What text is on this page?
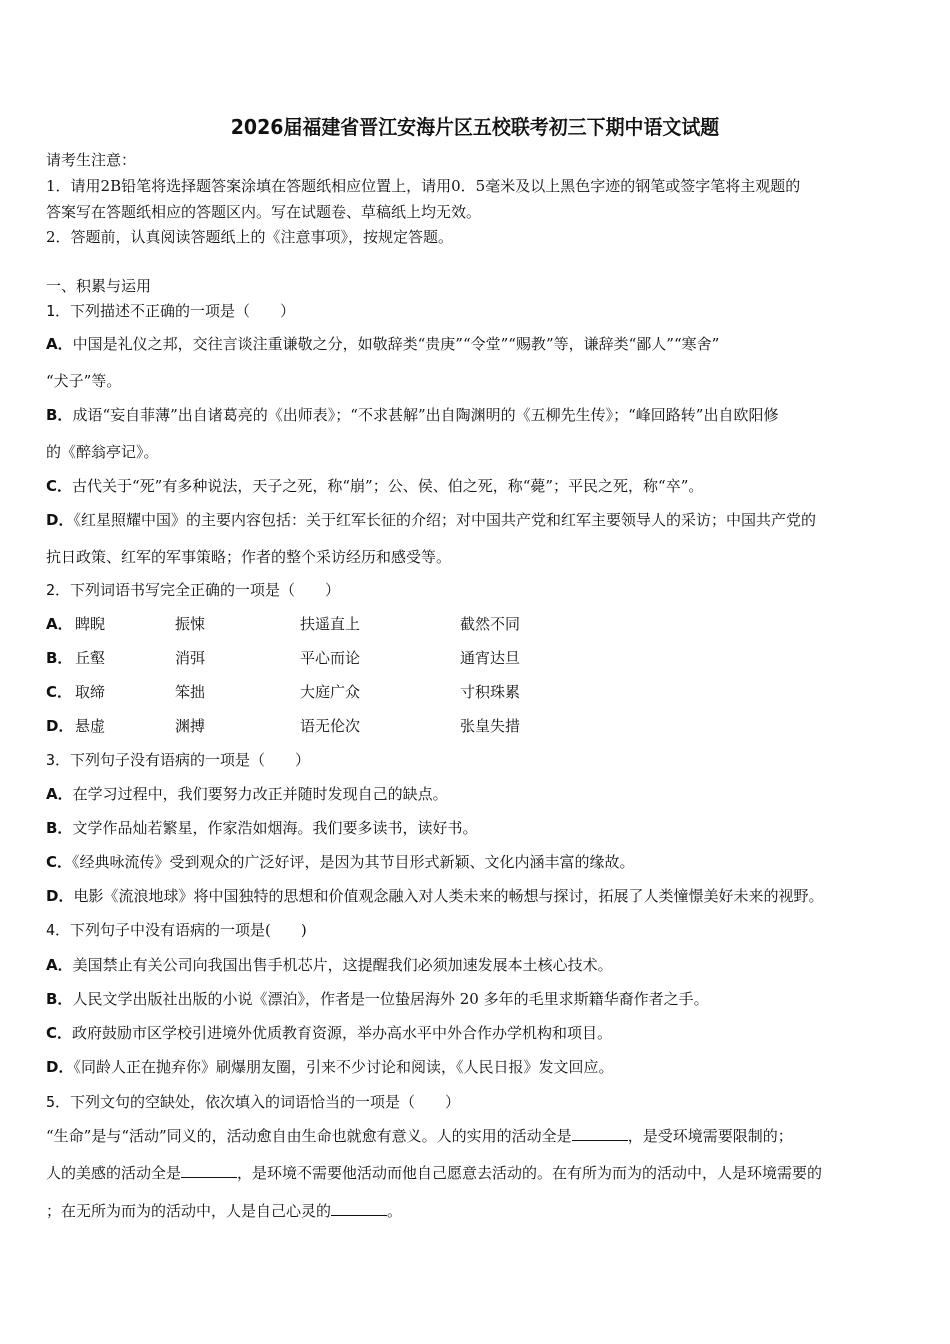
2026届福建省晋江安海片区五校联考初三下期中语文试题
请考生注意：
1．请用2B铅笔将选择题答案涂填在答题纸相应位置上，请用0．5毫米及以上黑色字迹的钢笔或签字笔将主观题的
答案写在答题纸相应的答题区内。写在试题卷、草稿纸上均无效。
2．答题前，认真阅读答题纸上的《注意事项》，按规定答题。
一、积累与运用
1．下列描述不正确的一项是（　　）
A．中国是礼仪之邦，交往言谈注重谦敬之分，如敬辞类“贵庚”“令堂”“赐教”等，谦辞类“鄙人”“寒舍”
“犬子”等。
B．成语“妄自菲薄”出自诸葛亮的《出师表》；“不求甚解”出自陶渊明的《五柳先生传》；“峰回路转”出自欧阳修
的《醉翁亭记》。
C．古代关于“死”有多种说法，天子之死，称“崩”；公、侯、伯之死，称“薨”；平民之死，称“卒”。
D．《红星照耀中国》的主要内容包括：关于红军长征的介绍；对中国共产党和红军主要领导人的采访；中国共产党的
抗日政策、红军的军事策略；作者的整个采访经历和感受等。
2．下列词语书写完全正确的一项是（　　）
A． 睥睨	振悚	扶遥直上	截然不同
B． 丘壑	消弭	平心而论	通宵达旦
C． 取缔	笨拙	大庭广众	寸积珠累
D． 悬虚	渊搏	语无伦次	张皇失措
3．下列句子没有语病的一项是（　　）
A．在学习过程中，我们要努力改正并随时发现自己的缺点。
B．文学作品灿若繁星，作家浩如烟海。我们要多读书，读好书。
C．《经典咏流传》受到观众的广泛好评，是因为其节目形式新颖、文化内涵丰富的缘故。
D．电影《流浪地球》将中国独特的思想和价值观念融入对人类未来的畅想与探讨，拓展了人类憧憬美好未来的视野。
4．下列句子中没有语病的一项是(　　)
A．美国禁止有关公司向我国出售手机芯片，这提醒我们必须加速发展本土核心技术。
B．人民文学出版社出版的小说《漂泊》，作者是一位蛰居海外 20 多年的毛里求斯籍华裔作者之手。
C．政府鼓励市区学校引进境外优质教育资源，举办高水平中外合作办学机构和项目。
D．《同龄人正在抛弃你》刷爆朋友圈，引来不少讨论和阅读，《人民日报》发文回应。
5．下列文句的空缺处，依次填入的词语恰当的一项是（　　）
“生命”是与“活动”同义的，活动愈自由生命也就愈有意义。人的实用的活动全是	，是受环境需要限制的；
人的美感的活动全是	，是环境不需要他活动而他自己愿意去活动的。在有所为而为的活动中，人是环境需要的
；在无所为而为的活动中，人是自己心灵的	。
